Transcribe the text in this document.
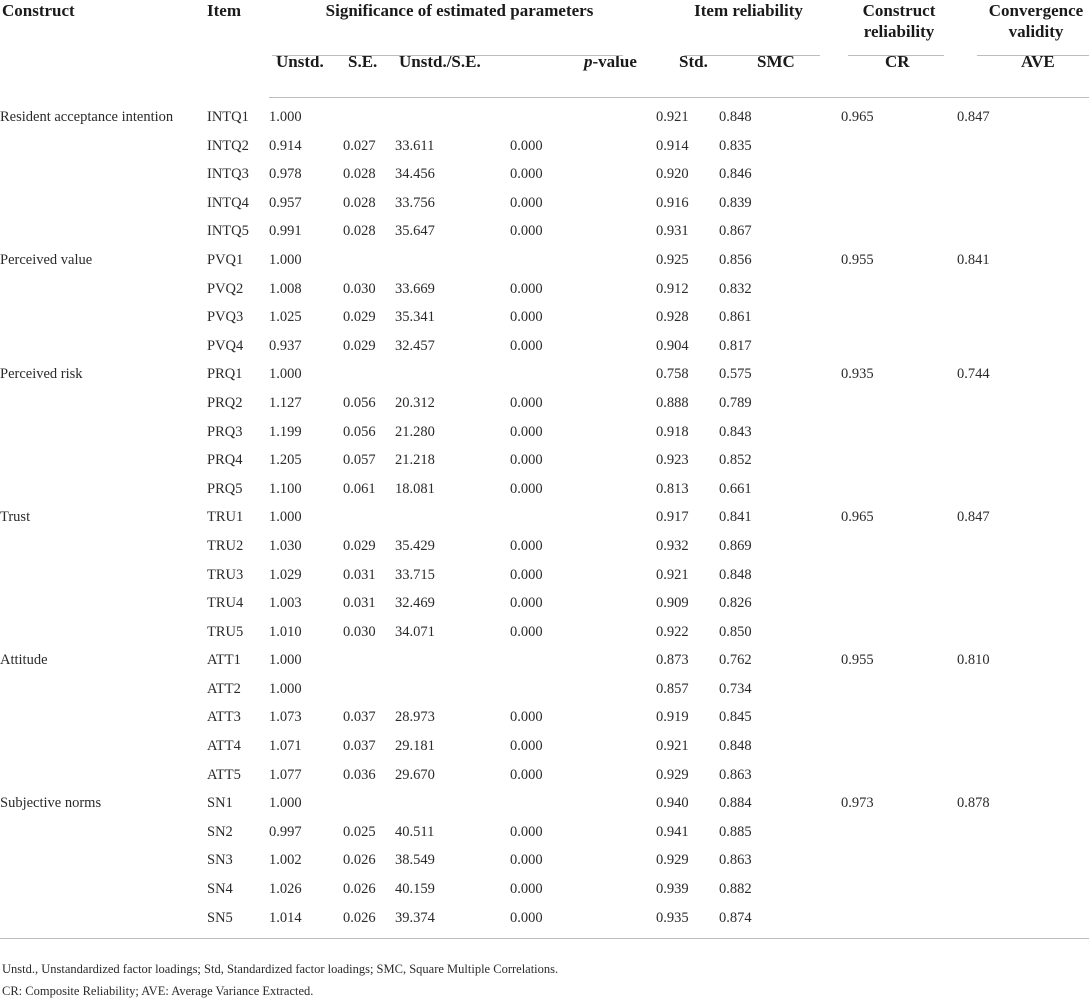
Construct	Item	Significance of estimated parameters				Item reliability		Construct
reliability	Convergence
validity

		Unstd.	S.E.	Unstd./S.E.	p-value	Std.	SMC	CR	AVE
Resident acceptance intention	INTQ1	1.000				0.921	0.848	0.965	0.847
	INTQ2	0.914	0.027	33.611	0.000	0.914	0.835		
	INTQ3	0.978	0.028	34.456	0.000	0.920	0.846		
	INTQ4	0.957	0.028	33.756	0.000	0.916	0.839		
	INTQ5	0.991	0.028	35.647	0.000	0.931	0.867		
Perceived value	PVQ1	1.000				0.925	0.856	0.955	0.841
	PVQ2	1.008	0.030	33.669	0.000	0.912	0.832		
	PVQ3	1.025	0.029	35.341	0.000	0.928	0.861		
	PVQ4	0.937	0.029	32.457	0.000	0.904	0.817		
Perceived risk	PRQ1	1.000				0.758	0.575	0.935	0.744
	PRQ2	1.127	0.056	20.312	0.000	0.888	0.789		
	PRQ3	1.199	0.056	21.280	0.000	0.918	0.843		
	PRQ4	1.205	0.057	21.218	0.000	0.923	0.852		
	PRQ5	1.100	0.061	18.081	0.000	0.813	0.661		
Trust	TRU1	1.000				0.917	0.841	0.965	0.847
	TRU2	1.030	0.029	35.429	0.000	0.932	0.869		
	TRU3	1.029	0.031	33.715	0.000	0.921	0.848		
	TRU4	1.003	0.031	32.469	0.000	0.909	0.826		
	TRU5	1.010	0.030	34.071	0.000	0.922	0.850		
Attitude	ATT1	1.000				0.873	0.762	0.955	0.810
	ATT2	1.000				0.857	0.734		
	ATT3	1.073	0.037	28.973	0.000	0.919	0.845		
	ATT4	1.071	0.037	29.181	0.000	0.921	0.848		
	ATT5	1.077	0.036	29.670	0.000	0.929	0.863		
Subjective norms	SN1	1.000				0.940	0.884	0.973	0.878
	SN2	0.997	0.025	40.511	0.000	0.941	0.885		
	SN3	1.002	0.026	38.549	0.000	0.929	0.863		
	SN4	1.026	0.026	40.159	0.000	0.939	0.882		
	SN5	1.014	0.026	39.374	0.000	0.935	0.874		
Unstd., Unstandardized factor loadings; Std, Standardized factor loadings; SMC, Square Multiple Correlations.
CR: Composite Reliability; AVE: Average Variance Extracted.
